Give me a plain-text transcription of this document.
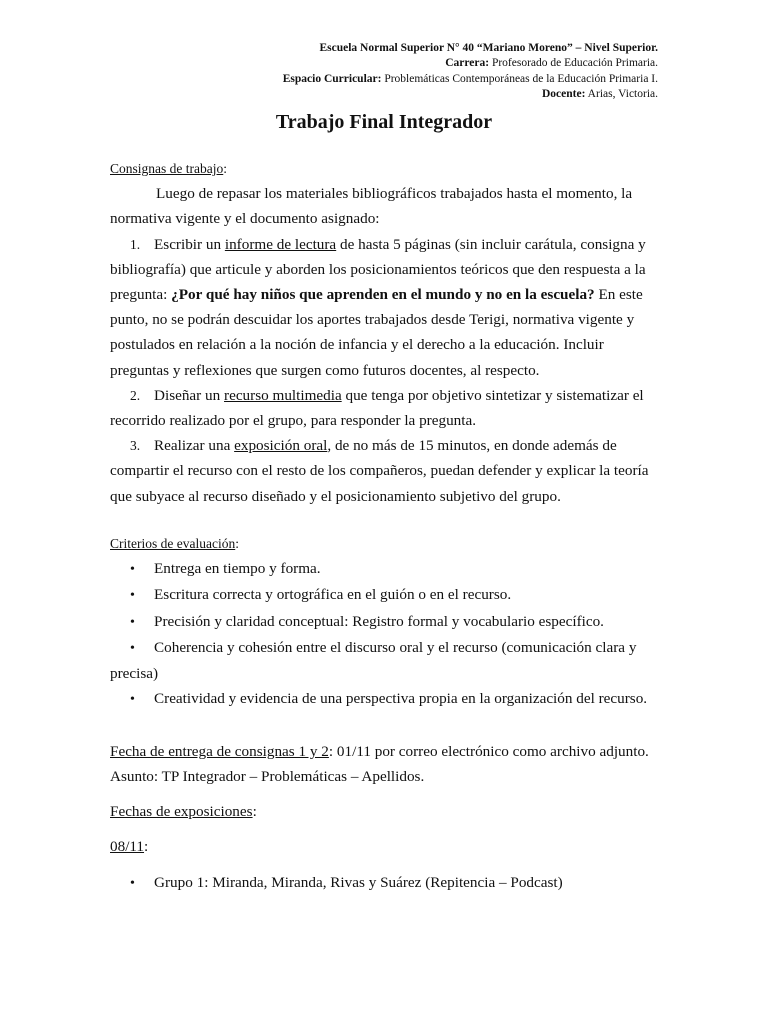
Escuela Normal Superior N° 40 “Mariano Moreno” – Nivel Superior.
Carrera: Profesorado de Educación Primaria.
Espacio Curricular: Problemáticas Contemporáneas de la Educación Primaria I.
Docente: Arias, Victoria.
Trabajo Final Integrador

Consignas de trabajo:

Luego de repasar los materiales bibliográficos trabajados hasta el momento, la normativa vigente y el documento asignado:

1. Escribir un informe de lectura de hasta 5 páginas (sin incluir carátula, consigna y bibliografía) que articule y aborden los posicionamientos teóricos que den respuesta a la pregunta: ¿Por qué hay niños que aprenden en el mundo y no en la escuela? En este punto, no se podrán descuidar los aportes trabajados desde Terigi, normativa vigente y postulados en relación a la noción de infancia y el derecho a la educación. Incluir preguntas y reflexiones que surgen como futuros docentes, al respecto.

2. Diseñar un recurso multimedia que tenga por objetivo sintetizar y sistematizar el recorrido realizado por el grupo, para responder la pregunta.

3. Realizar una exposición oral, de no más de 15 minutos, en donde además de compartir el recurso con el resto de los compañeros, puedan defender y explicar la teoría que subyace al recurso diseñado y el posicionamiento subjetivo del grupo.

Criterios de evaluación:

• Entrega en tiempo y forma.

• Escritura correcta y ortográfica en el guión o en el recurso.

• Precisión y claridad conceptual: Registro formal y vocabulario específico.

• Coherencia y cohesión entre el discurso oral y el recurso (comunicación clara y precisa)

• Creatividad y evidencia de una perspectiva propia en la organización del recurso.

Fecha de entrega de consignas 1 y 2: 01/11 por correo electrónico como archivo adjunto. Asunto: TP Integrador – Problemáticas – Apellidos.

Fechas de exposiciones:

08/11:

• Grupo 1: Miranda, Miranda, Rivas y Suárez (Repitencia – Podcast)
